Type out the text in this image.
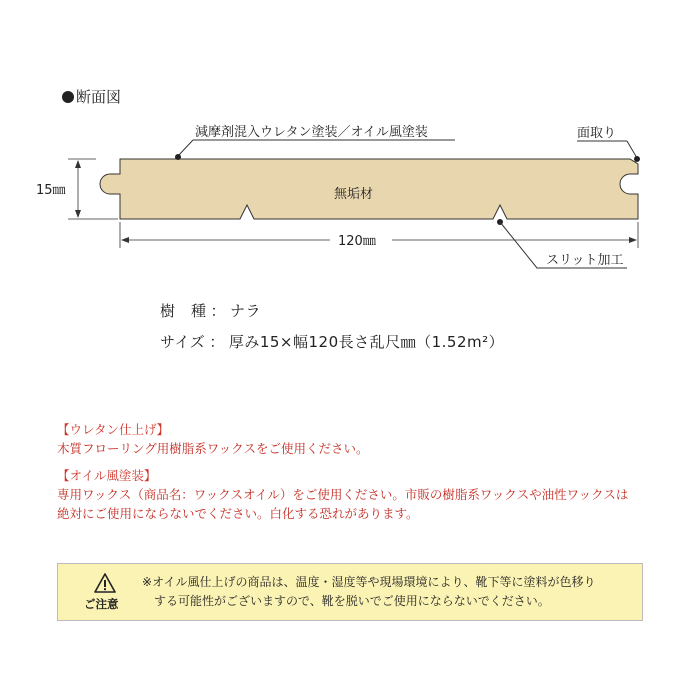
断面図
減摩剤混入ウレタン塗装／オイル風塗装	面取り
無垢材
15㎜
120㎜
スリット加工
樹　種 ： ナラ
サイズ ： 厚み15×幅120長さ乱尺㎜（1.52m²）
【ウレタン仕上げ】
木質フローリング用樹脂系ワックスをご使用ください。
【オイル風塗装】
専用ワックス（商品名：ワックスオイル）をご使用ください。市販の樹脂系ワックスや油性ワックスは
絶対にご使用にならないでください。白化する恐れがあります。
ご注意
※オイル風仕上げの商品は、温度・湿度等や現場環境により、靴下等に塗料が色移り
する可能性がございますので、靴を脱いでご使用にならないでください。
